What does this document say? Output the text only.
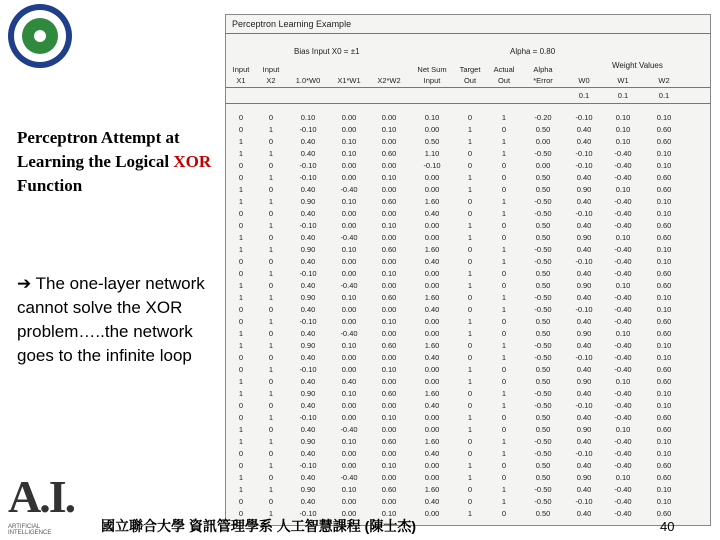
Perceptron Attempt at Learning the Logical XOR Function
➔ The one-layer network cannot solve the XOR problem…..the network goes to the infinite loop
Perceptron Learning Example
Bias Input X0 = ±1	Alpha = 0.80
Weight Values
Input	Input	Net Sum	Target	Actual	Alpha
X1	X2	1.0*W0	X1*W1	X2*W2	Input	Out	Out	*Error	W0	W1	W2
0.1	0.1	0.1
0	0	0.10	0.00	0.00	0.10	0	1	-0.20	-0.10	0.10	0.10
0	1	-0.10	0.00	0.10	0.00	1	0	0.50	0.40	0.10	0.60
1	0	0.40	0.10	0.00	0.50	1	1	0.00	0.40	0.10	0.60
1	1	0.40	0.10	0.60	1.10	0	1	-0.50	-0.10	-0.40	0.10
0	0	-0.10	0.00	0.00	-0.10	0	0	0.00	-0.10	-0.40	0.10
0	1	-0.10	0.00	0.10	0.00	1	0	0.50	0.40	-0.40	0.60
1	0	0.40	-0.40	0.00	0.00	1	0	0.50	0.90	0.10	0.60
1	1	0.90	0.10	0.60	1.60	0	1	-0.50	0.40	-0.40	0.10
0	0	0.40	0.00	0.00	0.40	0	1	-0.50	-0.10	-0.40	0.10
0	1	-0.10	0.00	0.10	0.00	1	0	0.50	0.40	-0.40	0.60
1	0	0.40	-0.40	0.00	0.00	1	0	0.50	0.90	0.10	0.60
1	1	0.90	0.10	0.60	1.60	0	1	-0.50	0.40	-0.40	0.10
0	0	0.40	0.00	0.00	0.40	0	1	-0.50	-0.10	-0.40	0.10
0	1	-0.10	0.00	0.10	0.00	1	0	0.50	0.40	-0.40	0.60
1	0	0.40	-0.40	0.00	0.00	1	0	0.50	0.90	0.10	0.60
1	1	0.90	0.10	0.60	1.60	0	1	-0.50	0.40	-0.40	0.10
0	0	0.40	0.00	0.00	0.40	0	1	-0.50	-0.10	-0.40	0.10
0	1	-0.10	0.00	0.10	0.00	1	0	0.50	0.40	-0.40	0.60
1	0	0.40	-0.40	0.00	0.00	1	0	0.50	0.90	0.10	0.60
1	1	0.90	0.10	0.60	1.60	0	1	-0.50	0.40	-0.40	0.10
0	0	0.40	0.00	0.00	0.40	0	1	-0.50	-0.10	-0.40	0.10
0	1	-0.10	0.00	0.10	0.00	1	0	0.50	0.40	-0.40	0.60
1	0	0.40	0.40	0.00	0.00	1	0	0.50	0.90	0.10	0.60
1	1	0.90	0.10	0.60	1.60	0	1	-0.50	0.40	-0.40	0.10
0	0	0.40	0.00	0.00	0.40	0	1	-0.50	-0.10	-0.40	0.10
0	1	-0.10	0.00	0.10	0.00	1	0	0.50	0.40	-0.40	0.60
1	0	0.40	-0.40	0.00	0.00	1	0	0.50	0.90	0.10	0.60
1	1	0.90	0.10	0.60	1.60	0	1	-0.50	0.40	-0.40	0.10
0	0	0.40	0.00	0.00	0.40	0	1	-0.50	-0.10	-0.40	0.10
0	1	-0.10	0.00	0.10	0.00	1	0	0.50	0.40	-0.40	0.60
1	0	0.40	-0.40	0.00	0.00	1	0	0.50	0.90	0.10	0.60
1	1	0.90	0.10	0.60	1.60	0	1	-0.50	0.40	-0.40	0.10
0	0	0.40	0.00	0.00	0.40	0	1	-0.50	-0.10	-0.40	0.10
0	1	-0.10	0.00	0.10	0.00	1	0	0.50	0.40	-0.40	0.60
A.I.
ARTIFICIAL INTELLIGENCE	國立聯合大學 資訊管理學系 人工智慧課程 (陳士杰)	40
